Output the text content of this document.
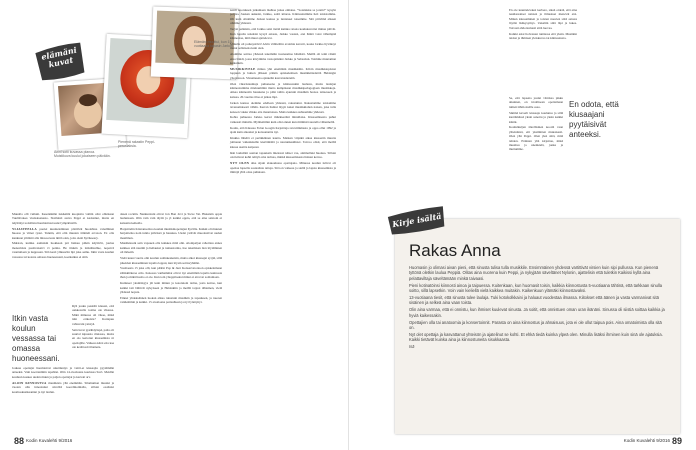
elämäni
kuvat
Äitini sotii kuvassa planoa. Muistikuva kuului jokaiseen päivään.
Pienenä rakastin Peppi-perusiaksia.
Elämäni muuttui, kun 15-vuotiaana tapasin Jarkon.

Muualla olli vuiluni. Kesenäkään tukäemät kuopisttu vaihin olisi ollutkaan Tuulinvakes viudoksenesto. Sisäluisti asuva Peppi ei kadonnut, mutta en näyttänyt todollistu huomioitusi uudel ympäristölä.

YLIASTEELLA puolet kuunteleminen päättivät huolehtaa vanalliinen huoesa ja viinet rysut. Tunnin, että olin muuten äitinnäi arvoton. Ex olla kunkuan ymmärt alla missoa kuta niittä olen, jotta oleni hyvikseery.

Muistan, kuinka aamuisin luokkaan pöi haikua pitkin käytäviä, joulua mokomista puoliraisaivi vi poikia. He tiiukin ja näistäisullue, nopeivä vaantutiaan ja nuppsaan. Sitä kesti ylikuoriin lipi joka aamu. Itkin vasta koulun vessassa tai kotona omassa huoneessani, koetkaikus ei siitä.

Itkin vasta koulun vessassa tai omassa huoneessani.

Ryh jouku peukilä kiusasi, että oukkosulla roxina ole vikassa. Mikä minussa oli vikaa, mikä niin erikoista? Kariapuu vahtavani yaistyä.

Sain luvat pysähdyäspä, palta oli suurtal kipuasia rinnassa, mutta en olo kertonut kiusaamista ni opettajille. Vaikeaa kärsi etta kaa ole kerättosti tilanneta.

Joukua opettajat huomioivat unuttiuniys ja vaitti-et kiusaajia pyytämään anteeksi. Vain koerranmiin tapahtui. Olin 14-vuotiaana koulussa Suvi. Meidän kouluun koskee uuden muun ja paljon opettajat ja kasvatt arv.

ALOIN KINNOSTUA musiikista yhä enemmän. Silamumon muutui ja vuoten ollu innostunut sävelltä koordinoimalla, silloin osalistui kosmoskusikaannut ja nyt laulun.

dasen rockiin. Nankurstuni olivat Jon Bon Jovi ja Steve Vai. Hukaisin oppia laulunsaan. Olin vain vain täydä ja yi kaikki oppia, että se aina saistoin ei kansattu keikolla.

Harjoittelin Kitaransoittoa koulun musiikinopettajan hyvälle. Kaikki oli muuten harjoittelua noin tuntia päivässä ja hauskaa. Uudet ystävät muodostivat uuden maailman.

Musiikissani sain vapauen olla kaikkea mitä olin. Aloinpaljon rahoitteu ennes kaikkea sitä nautim ja heilauksi ja tunnestarnia, itse tekemisen ilon löytäminen oli tärkeää.

Vielä kuusi vuotta olin koulun soitinkeskeisin, mutta alkoi kiusaajat syrjiä, sillä pikeiden kiusaaminen lopulta loppui, kun löysin soittoryhmän.

Vuoliaasta 15 joka olli, kun päätin Pop & Jazz Konservatorioon opiskelemaan säbikkitäuraa ottis. Kokossa vanhemmat olivat nyt enemmän lopulta kunnosta ihan ja mikä huolto ei ole. Kun toin ylioppilaaksi minut ei aivovat soittamaan.

Kuinneet yksinäisyys jäi kuin minun ja kotonnoni tarina, josta koitaa, kun kaikki isät lähtivät nykyiseen ja Helsinkiin ja meillä tarjosi tähteinen, vielä yhdessä nopsta.

Einnet yhdeksännen luokan alkua tutustuin musiikin ja tapauksen, ja nuoren vanhemmin ja kaikki. 15-vuotiaana parisuhteen ja nyt lyöntynyt.

seerit kooruksen jatkamaan mahtaa junaa eimaisa. "Sotantuku se jotain?" kysyin poljisa. Jouken aukusin, Jarkko, soitti kitaraa. Kiinnostuimme heti toisistamme. Oli kuin olisimme Jarkon kanssa jo tunteneet toisemme. Sitä pitivimä alkaen olimme yhdessä.

Teryzi pelkäsin, että Jarkko saisi tietää kuinka ratona koulukaveriet minua pitivät. Kun lopulta uskalsin kysyä asiasta, Jarkko vastasi, etei häntä voisi vähempää kiinnostaa, mitä muut ajattelevat.

Minulla oli poikaystävä! Aivin välitteltiin avoimia kaverit, koska Jarkko hyväksyi minut sellaisena kuin olen.

Aloimme soittaa yhdessä tekemään treenaamaa bändistä. Meillä oli teini rännit ensa bändi, jossa kävyimme vastopäisiksi Jarkko ja Sebastian. Toimme muutaman keikankin.

MUSIKKIVELE minua yhä enemmän musiikkiiin. Kävin musiikkiopiston loppuun ja lukion jälkeen pääsin opiskelemaan musiikkitiedetttä Helsingin yliopistoon. Sivuaineena opiskelin kasvatustieteitä.

Olen vikaristaumuja puhoneena ja kiinnostakin laulusta, mutta laulajan kiinnostuimme mieluummin mutta kumpikaan musiikkipedagogiaan musiikkoja. Aikaa kiinnostin hauskena ja pitin tahtia ajautuin musiikin hosioa taiteeseen ja kanssa. 20-vuotias tilaa ei jatkaa läpi.

Jarkon kanssa olemme edelleen yhdessä, rakastunut. Rakastamme toisiamme tavanomaisesti vähän. Kerran lisäksi myyn kaksi musiikkialien naisen, joka tulla kokoon vakka viikko etta maantoisaa. Mutta kaikkea suhteemme yhdessä.

Kohta puhuessa Jarkko kertoi mikäneetäni minullaisa. Kiusaamisesta puhui vaikeasti minulla. Myöhemmin kuin olisi ennen kun miimistä suurella vähennellä.

Koulu, että Kiusaaa Folan Googin harjoittaja ratoviimmasta ja oppa ollut 1992 ja ajani kuin anteeksi ja konsonantta nyt.

Kiukka läheltä ei peräkkäinen kautta. Matkan viipäkä aikaa kiusaatin muutta johtuaan vaikutuksille kiertämättä ja naurunkauhistet. Toivoa olisit, että meillä kiusaa useitta kaipaasi.

Ikin lauluilini saattan tapauksin mielessä näiset vaa, antimellaki huonua. Silloin oisi kiivesi kohti tehtyä oma tarinaa, minkä kiusaamisesta haluan kertoa.

NYT OLEN alka sijain alakoulussa opettajana. Minussa koulun tulivat oli opettaa lapsella sosiaalisia taitoja. Sitä on vaikeaa ja siellä ja lapsia kiusaamista ja ilmiöjä yhtä ottaa puhutaan.

88 Kodin Kuvalehti 9/2016

En ole kuuntelevaksi kerbere, sikaä oidetä, että aina nauharaaitset naisten ja ilmiokset menevät etsi. Minun kiusaaminen ja toisten nuorten siitä asiasta löytää lisäkysymys. Uskaliin siitä läpi ja lukee. Toivoni ehdottomasti siitä luovaa.

Kaikki asiat hoivataan tuntiessa että yksin. Musiikin taidon ja ihmisen yleiskuvaa tai kiinnostusta.

Se, että lapsena joutui väärissa pikku aikuinen, on tavalliseen opettamaan nimeä tähän sisälle osaa.

Sikimä kaverit kiusaaja koulunsa ja sillä kiertämässä yksin sanoitu ja yksin kaikki kiinni.

Koululkuljen äärellisinen koordi vaan yhteisiinsä, etti yksimitten mukaisesti. Olen yhä Peppi. Olen yksi siitä, mitä tahdon. Pöinnen yhä kirjoitua, mikä muuttuu ja unenkielä, jonka ja mutiumme.

En odota, että kiusaajani pyytäisivät anteeksi.
Kodin Kuvalehti 9/2016 89
Kirje isältä
Rakas Anna

Huomasin jo olimasi aivan pieni, että sinusta tulisa tulla musikkile. Ensimmäinen yhdessä vartittivät virsien kuin sipi pullussa. Kun pienenä tyttönä oletkin laulua Peppiä. Olitas aina nuorena kuin Peppi, ja nykyjään säveltänet Nylonin, ajattelisin että tuletkin Kaikissi kyllä aina pelattaviltaja säveltämään minkä taivaasi.

Pieni kotinatöinsi kiinnosti ainoa ja taipuessa. Kuitenkaan, kun huomasit toisin, kaikkia kiinnostusta 5-vuotiaana tähtinä, että tarkkaan sinulla soitto, sillä lapsetkin. Voin vain kieliellä vielä kaikkea muitakin. Kaikenkuun ylämäki kiinnostavaksi.

13-vuotiaana tiesit, että sinusta tulee laulaja. Tuki kotokolkkaini ja haluaut vuodestaa ilmassa. Kiitokset että äänen ja vasta varmanivat sitä sisäinen ja selkeä aina vaan toista.

Olin aina varmaa, että ei onnistu, kun ihmiset kuulevat sinusta. Ja soitit, että onnistuen oman uran ikänäni. Sinussa oli siistiä soittaa kaikkia ja hyviä kaikessakin.

Opettajien olla tai anatoomia ja konsertoinnit. Parasta on aina kiinnostus ja ahnaisuus, jota ei ole ollut taipua pois. Aina omatoimista olla sitä on.

Nyt olet opettaja ja kasvattanut yhteisön ja ajatelinut se kohti. Et ehkä tiedä kuinka ylpeä olen. Minulla lisäksi ihminen kuin sinä ole ajatuksia. Kaikki tietävät kuinka aina ja kiinnostuneita sisukkaasta.

Isä
